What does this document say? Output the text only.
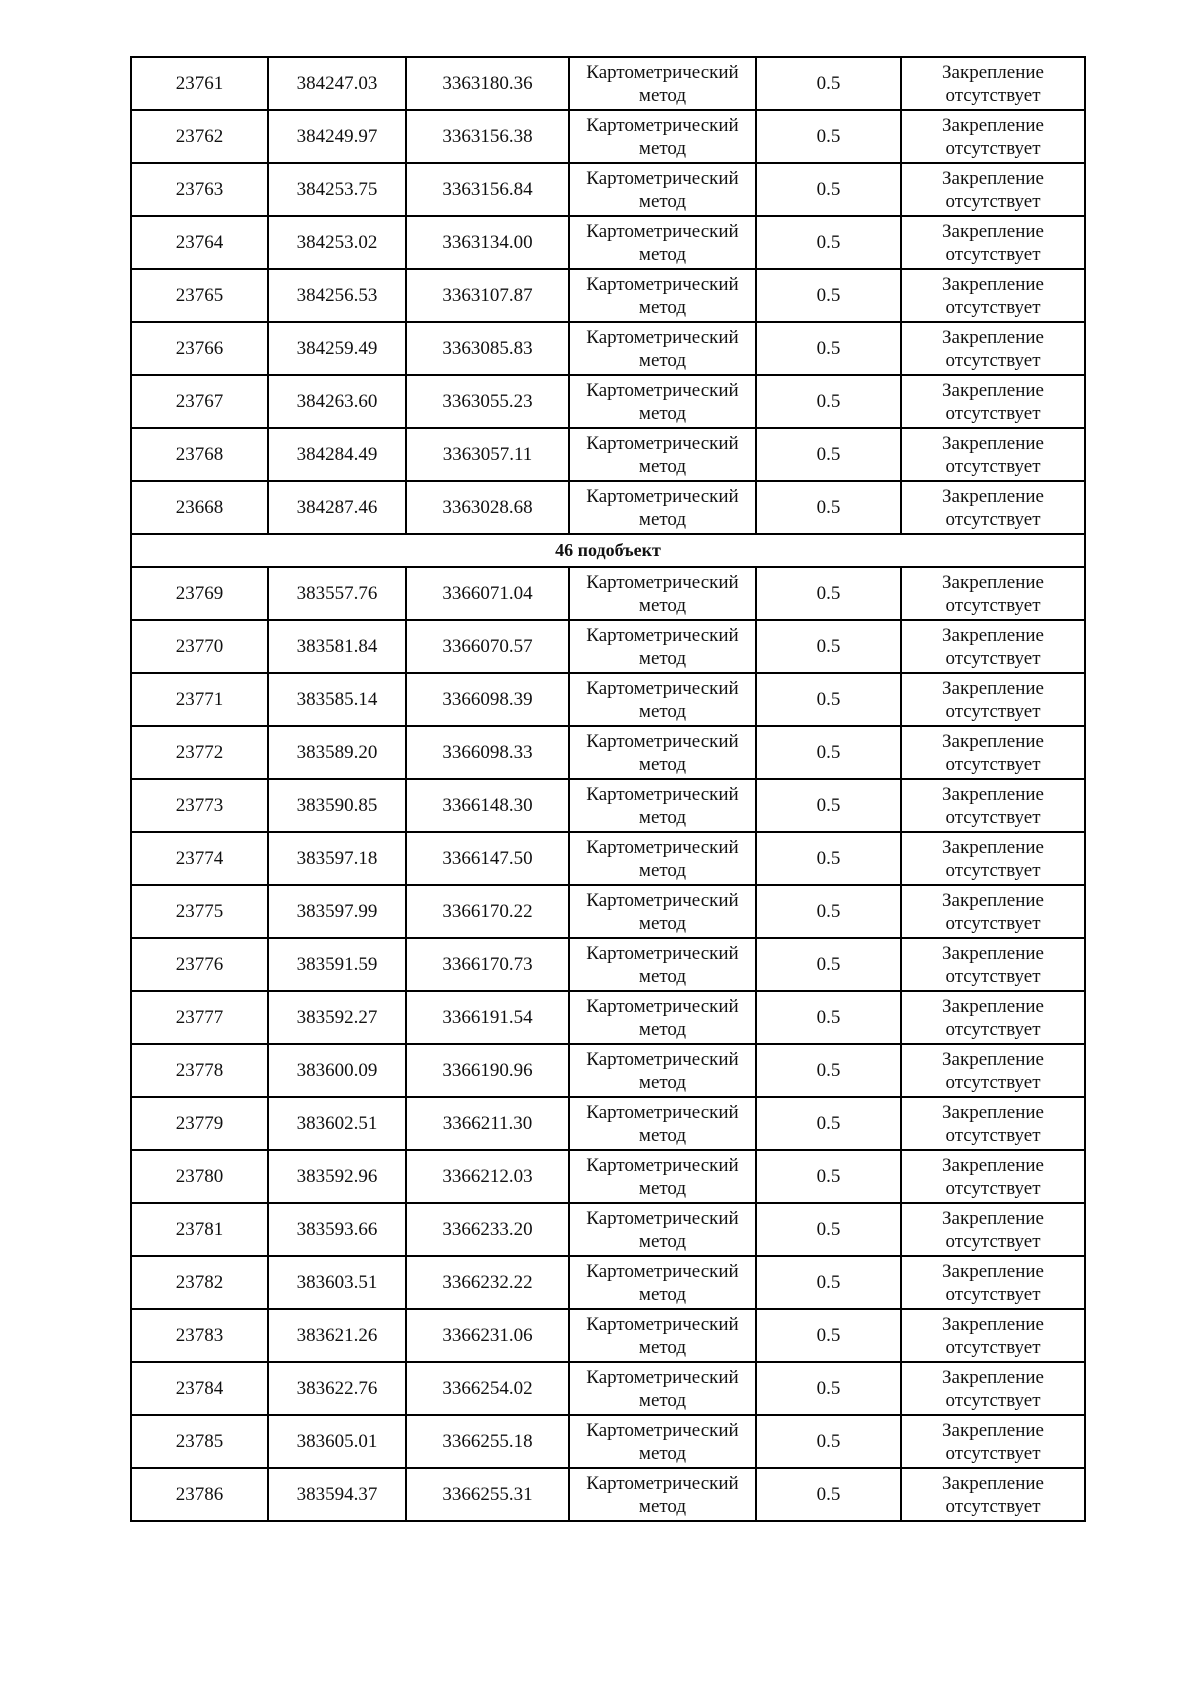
23761	384247.03	3363180.36	Картометрический метод	0.5	Закрепление отсутствует
23762	384249.97	3363156.38	Картометрический метод	0.5	Закрепление отсутствует
23763	384253.75	3363156.84	Картометрический метод	0.5	Закрепление отсутствует
23764	384253.02	3363134.00	Картометрический метод	0.5	Закрепление отсутствует
23765	384256.53	3363107.87	Картометрический метод	0.5	Закрепление отсутствует
23766	384259.49	3363085.83	Картометрический метод	0.5	Закрепление отсутствует
23767	384263.60	3363055.23	Картометрический метод	0.5	Закрепление отсутствует
23768	384284.49	3363057.11	Картометрический метод	0.5	Закрепление отсутствует
23668	384287.46	3363028.68	Картометрический метод	0.5	Закрепление отсутствует
46 подобъект					
23769	383557.76	3366071.04	Картометрический метод	0.5	Закрепление отсутствует
23770	383581.84	3366070.57	Картометрический метод	0.5	Закрепление отсутствует
23771	383585.14	3366098.39	Картометрический метод	0.5	Закрепление отсутствует
23772	383589.20	3366098.33	Картометрический метод	0.5	Закрепление отсутствует
23773	383590.85	3366148.30	Картометрический метод	0.5	Закрепление отсутствует
23774	383597.18	3366147.50	Картометрический метод	0.5	Закрепление отсутствует
23775	383597.99	3366170.22	Картометрический метод	0.5	Закрепление отсутствует
23776	383591.59	3366170.73	Картометрический метод	0.5	Закрепление отсутствует
23777	383592.27	3366191.54	Картометрический метод	0.5	Закрепление отсутствует
23778	383600.09	3366190.96	Картометрический метод	0.5	Закрепление отсутствует
23779	383602.51	3366211.30	Картометрический метод	0.5	Закрепление отсутствует
23780	383592.96	3366212.03	Картометрический метод	0.5	Закрепление отсутствует
23781	383593.66	3366233.20	Картометрический метод	0.5	Закрепление отсутствует
23782	383603.51	3366232.22	Картометрический метод	0.5	Закрепление отсутствует
23783	383621.26	3366231.06	Картометрический метод	0.5	Закрепление отсутствует
23784	383622.76	3366254.02	Картометрический метод	0.5	Закрепление отсутствует
23785	383605.01	3366255.18	Картометрический метод	0.5	Закрепление отсутствует
23786	383594.37	3366255.31	Картометрический метод	0.5	Закрепление отсутствует
